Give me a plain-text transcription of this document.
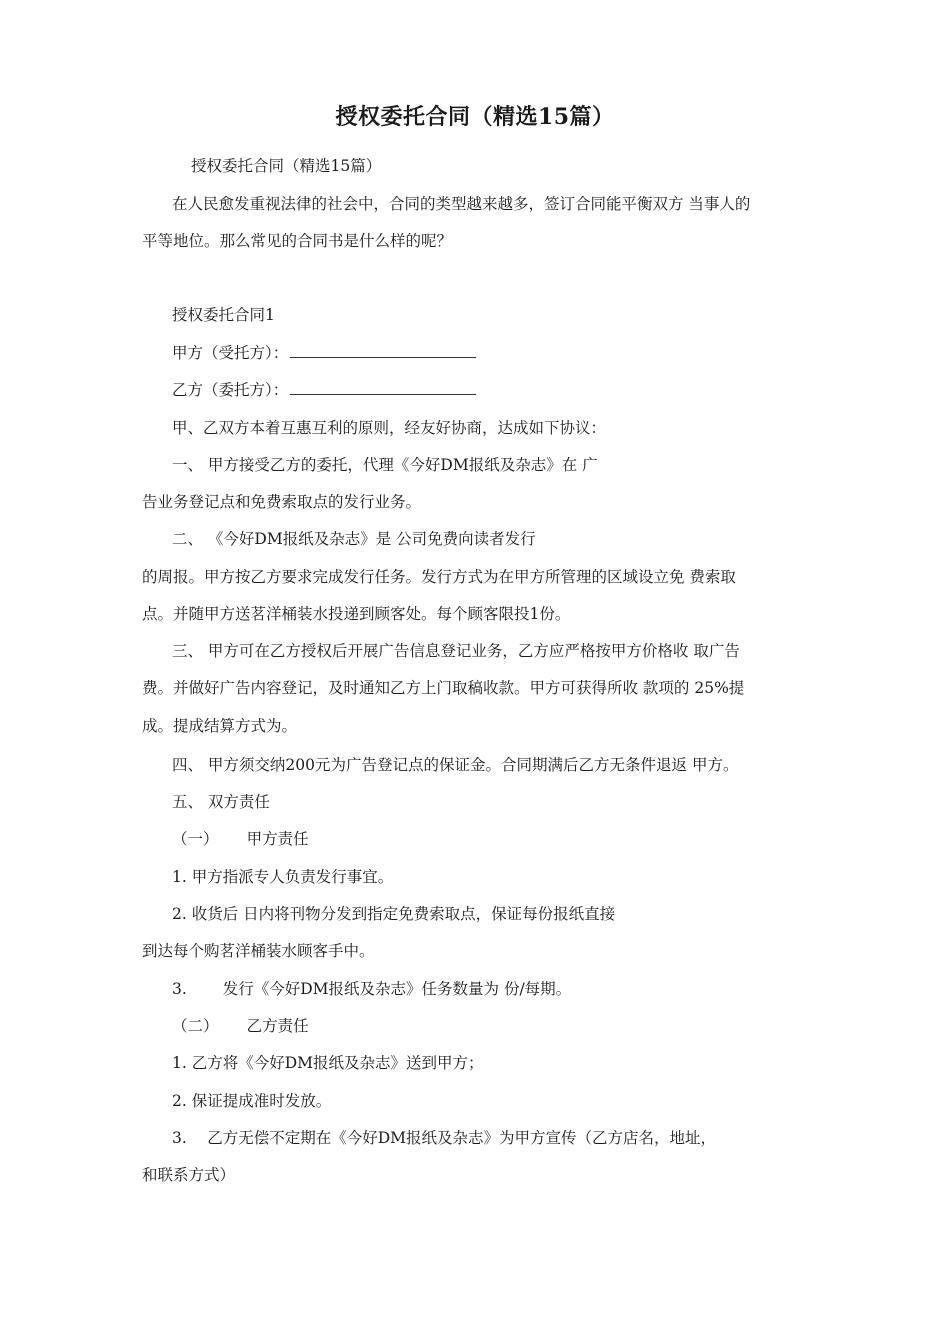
授权委托合同（精选15篇）
授权委托合同（精选15篇）
在人民愈发重视法律的社会中，合同的类型越来越多，签订合同能平衡双方 当事人的
平等地位。那么常见的合同书是什么样的呢？
授权委托合同1
甲方（受托方）：
乙方（委托方）：
甲、乙双方本着互惠互利的原则，经友好协商，达成如下协议：
一、 甲方接受乙方的委托，代理《今好DM报纸及杂志》在 广
告业务登记点和免费索取点的发行业务。
二、 《今好DM报纸及杂志》是 公司免费向读者发行
的周报。甲方按乙方要求完成发行任务。发行方式为在甲方所管理的区域设立免 费索取
点。并随甲方送茗洋桶装水投递到顾客处。每个顾客限投1份。
三、 甲方可在乙方授权后开展广告信息登记业务，乙方应严格按甲方价格收 取广告
费。并做好广告内容登记，及时通知乙方上门取稿收款。甲方可获得所收 款项的 25%提
成。提成结算方式为。
四、 甲方须交纳200元为广告登记点的保证金。合同期满后乙方无条件退返 甲方。
五、 双方责任
（一）　　 甲方责任
1. 甲方指派专人负责发行事宜。
2. 收货后 日内将刊物分发到指定免费索取点，保证每份报纸直接
到达每个购茗洋桶装水顾客手中。
3.　　 发行《今好DM报纸及杂志》任务数量为 份/每期。
（二）　　 乙方责任
1. 乙方将《今好DM报纸及杂志》送到甲方；
2. 保证提成准时发放。
3.　 乙方无偿不定期在《今好DM报纸及杂志》为甲方宣传（乙方店名，地址，
和联系方式）
